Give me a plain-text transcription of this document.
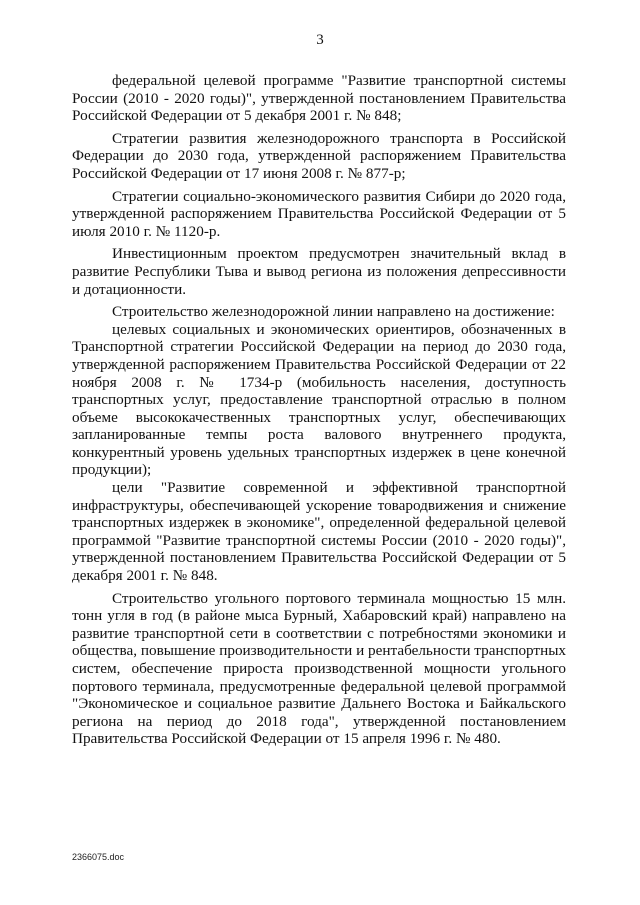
3

федеральной целевой программе "Развитие транспортной системы России (2010 - 2020 годы)", утвержденной постановлением Правительства Российской Федерации от 5 декабря 2001 г. № 848;

Стратегии развития железнодорожного транспорта в Российской Федерации до 2030 года, утвержденной распоряжением Правительства Российской Федерации от 17 июня 2008 г. № 877-р;

Стратегии социально-экономического развития Сибири до 2020 года, утвержденной распоряжением Правительства Российской Федерации от 5 июля 2010 г. № 1120-р.

Инвестиционным проектом предусмотрен значительный вклад в развитие Республики Тыва и вывод региона из положения депрессивности и дотационности.

Строительство железнодорожной линии направлено на достижение:

целевых социальных и экономических ориентиров, обозначенных в Транспортной стратегии Российской Федерации на период до 2030 года, утвержденной распоряжением Правительства Российской Федерации от 22 ноября 2008 г. № 1734-р (мобильность населения, доступность транспортных услуг, предоставление транспортной отраслью в полном объеме высококачественных транспортных услуг, обеспечивающих запланированные темпы роста валового внутреннего продукта, конкурентный уровень удельных транспортных издержек в цене конечной продукции);

цели "Развитие современной и эффективной транспортной инфраструктуры, обеспечивающей ускорение товародвижения и снижение транспортных издержек в экономике", определенной федеральной целевой программой "Развитие транспортной системы России (2010 - 2020 годы)", утвержденной постановлением Правительства Российской Федерации от 5 декабря 2001 г. № 848.

Строительство угольного портового терминала мощностью 15 млн. тонн угля в год (в районе мыса Бурный, Хабаровский край) направлено на развитие транспортной сети в соответствии с потребностями экономики и общества, повышение производительности и рентабельности транспортных систем, обеспечение прироста производственной мощности угольного портового терминала, предусмотренные федеральной целевой программой "Экономическое и социальное развитие Дальнего Востока и Байкальского региона на период до 2018 года", утвержденной постановлением Правительства Российской Федерации от 15 апреля 1996 г. № 480.

2366075.doc
